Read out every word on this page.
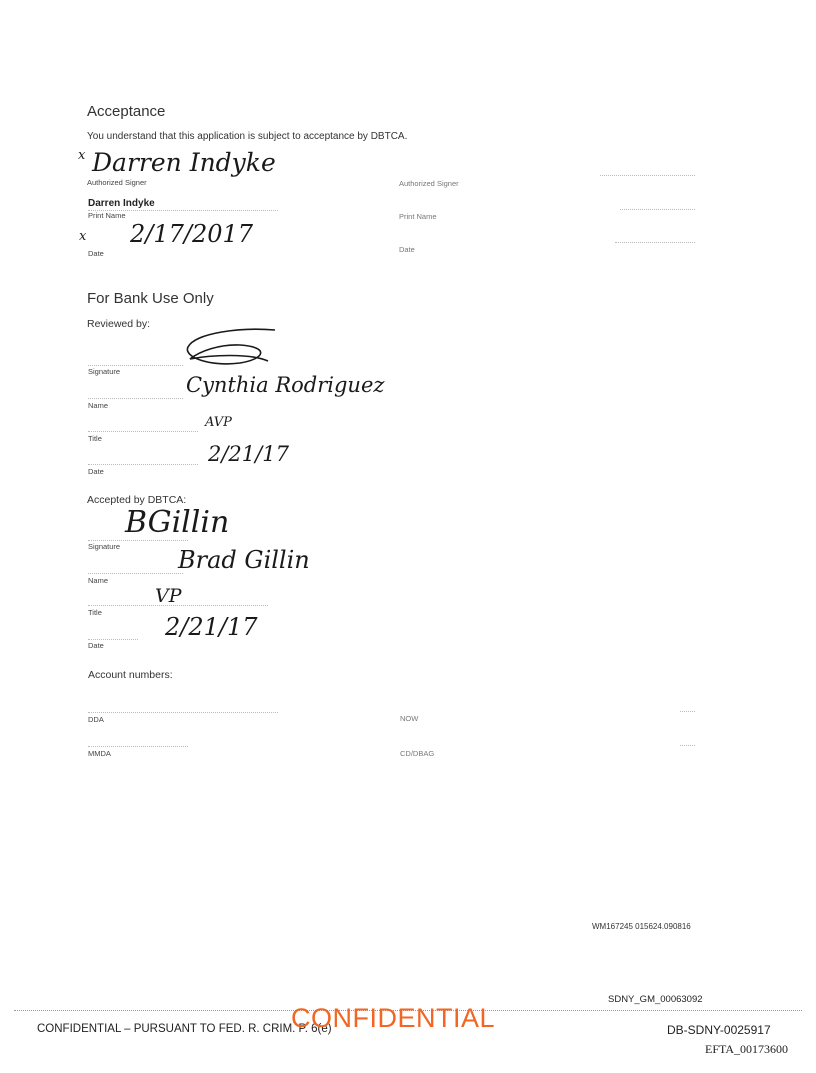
Acceptance
You understand that this application is subject to acceptance by DBTCA.
x Darren Indyke
Authorized Signer
Darren Indyke
Print Name
x 2/17/2017
Date
Authorized Signer
Print Name
Date
For Bank Use Only
Reviewed by:
Signature
Cynthia Rodriguez
Name
AVP
Title
2/21/17
Date
Accepted by DBTCA:
BGillin
Signature Brad Gillin
Name
VP
Title
2/21/17
Date
Account numbers:
DDA
MMDA
NOW
CD/DBAG
WM167245 015624.090816
SDNY_GM_00063092
CONFIDENTIAL – PURSUANT TO FED. R. CRIM. P. 6(e)
CONFIDENTIAL	DB-SDNY-0025917
EFTA_00173600
